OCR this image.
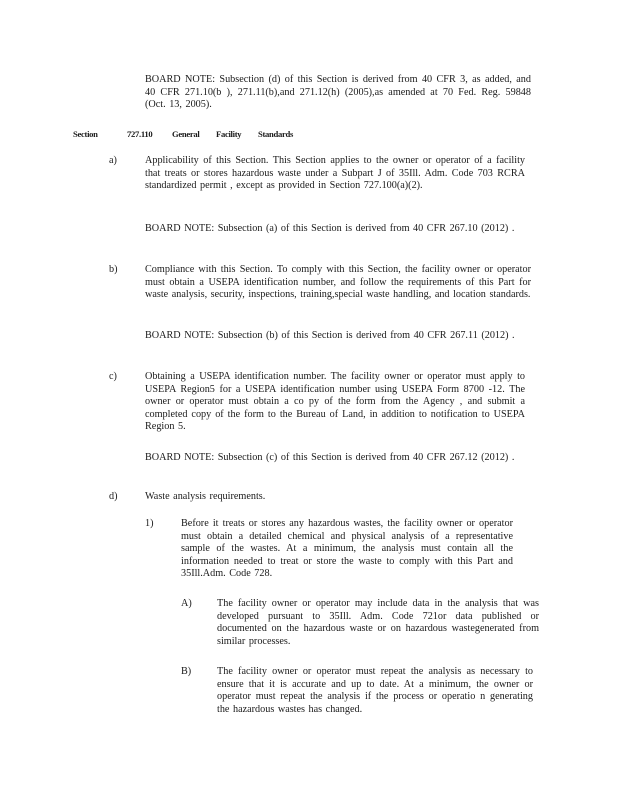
BOARD NOTE: Subsection (d) of this Section is derived from 40 CFR 3, as added, and 40 CFR 271.10(b ), 271.11(b),and 271.12(h) (2005),as amended at 70 Fed. Reg. 59848 (Oct. 13, 2005).

Section	727.110 General Facility Standards

a)	Applicability of this Section. This Section applies to the owner or operator of a facility that treats or stores hazardous waste under a Subpart J of 35Ill. Adm. Code 703 RCRA standardized permit , except as provided in Section 727.100(a)(2).

BOARD NOTE: Subsection (a) of this Section is derived from 40 CFR 267.10 (2012) .

b)	Compliance with this Section. To comply with this Section, the facility owner or operator must obtain a USEPA identification number, and follow the requirements of this Part for waste analysis, security, inspections, training,special waste handling, and location standards.

BOARD NOTE: Subsection (b) of this Section is derived from 40 CFR 267.11 (2012) .

c)	Obtaining a USEPA identification number. The facility owner or operator must apply to USEPA Region5 for a USEPA identification number using USEPA Form 8700 -12. The owner or operator must obtain a co py of the form from the Agency , and submit a completed copy of the form to the Bureau of Land, in addition to notification to USEPA Region 5.

BOARD NOTE: Subsection (c) of this Section is derived from 40 CFR 267.12 (2012) .

d)	Waste analysis requirements.

1)	Before it treats or stores any hazardous wastes, the facility owner or operator must obtain a detailed chemical and physical analysis of a representative sample of the wastes. At a minimum, the analysis must contain all the information needed to treat or store the waste to comply with this Part and 35Ill.Adm. Code 728.

A) The facility owner or operator may include data in the analysis that was developed pursuant to 35Ill. Adm. Code 721or data published or documented on the hazardous waste or on hazardous wastegenerated from similar processes.

B)	The facility owner or operator must repeat the analysis as necessary to ensure that it is accurate and up to date. At a minimum, the owner or operator must repeat the analysis if the process or operatio n generating the hazardous wastes has changed.
